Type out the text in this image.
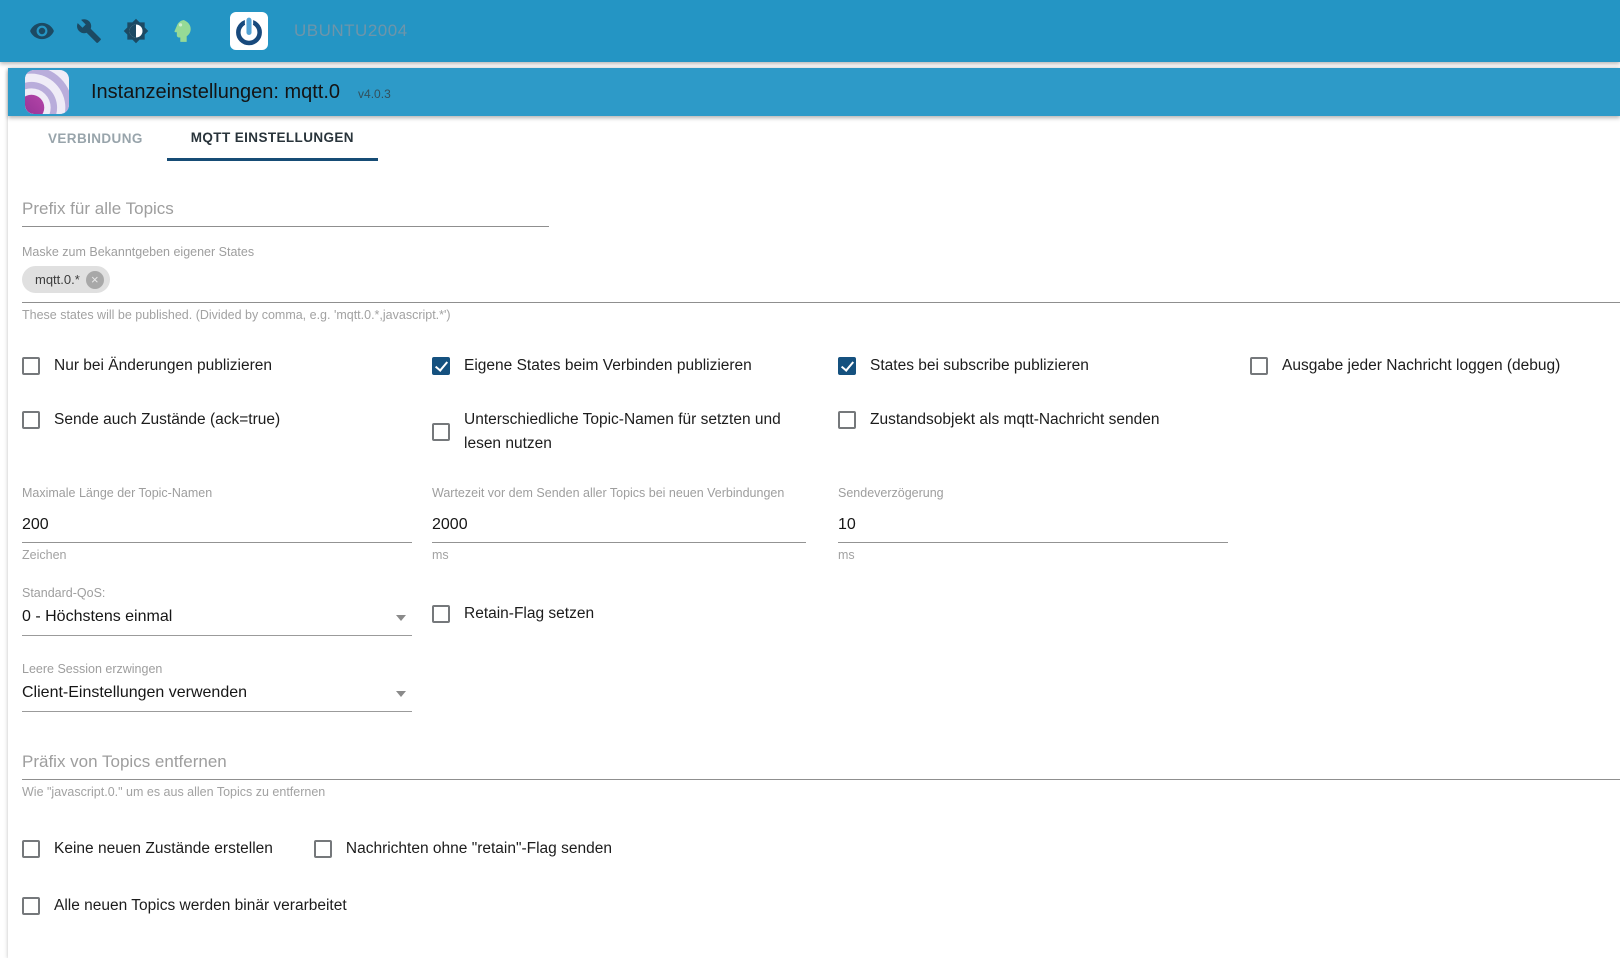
UBUNTU2004
Instanzeinstellungen: mqtt.0 v4.0.3
VERBINDUNG	MQTT EINSTELLUNGEN
Prefix für alle Topics
Maske zum Bekanntgeben eigener States
mqtt.0.* ×
These states will be published. (Divided by comma, e.g. 'mqtt.0.*,javascript.*')
Nur bei Änderungen publizieren	Eigene States beim Verbinden publizieren	States bei subscribe publizieren	Ausgabe jeder Nachricht loggen (debug)
Sende auch Zustände (ack=true)	Unterschiedliche Topic-Namen für setzten und lesen nutzen
Zustandsobjekt als mqtt-Nachricht senden
Maximale Länge der Topic-Namen
200
Zeichen
Wartezeit vor dem Senden aller Topics bei neuen Verbindungen
2000
ms
Sendeverzögerung
10
ms
Standard-QoS:
0 - Höchstens einmal	Retain-Flag setzen
Leere Session erzwingen
Client-Einstellungen verwenden
Präfix von Topics entfernen
Wie "javascript.0." um es aus allen Topics zu entfernen
Keine neuen Zustände erstellen	Nachrichten ohne "retain"-Flag senden
Alle neuen Topics werden binär verarbeitet
